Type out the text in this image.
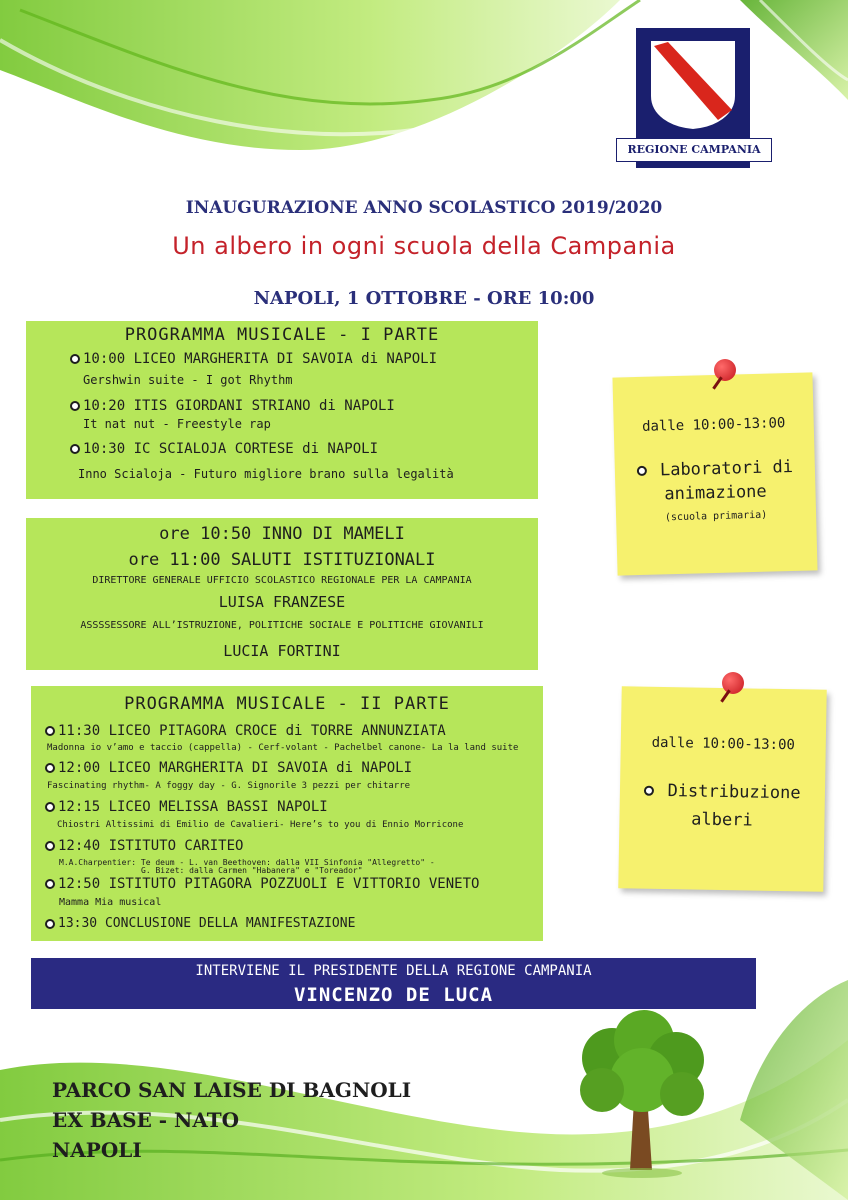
REGIONE CAMPANIA
INAUGURAZIONE ANNO SCOLASTICO 2019/2020
Un albero in ogni scuola della Campania
NAPOLI, 1 OTTOBRE - ORE 10:00
PROGRAMMA MUSICALE - I PARTE
10:00 LICEO MARGHERITA DI SAVOIA di NAPOLI
Gershwin suite - I got Rhythm
10:20 ITIS GIORDANI STRIANO di NAPOLI
It nat nut - Freestyle rap
10:30 IC SCIALOJA CORTESE di NAPOLI
Inno Scialoja - Futuro migliore brano sulla legalità
ore 10:50 INNO DI MAMELI
ore 11:00 SALUTI ISTITUZIONALI
DIRETTORE GENERALE UFFICIO SCOLASTICO REGIONALE PER LA CAMPANIA
LUISA FRANZESE
ASSSSESSORE ALL’ISTRUZIONE, POLITICHE SOCIALE E POLITICHE GIOVANILI
LUCIA FORTINI
PROGRAMMA MUSICALE - II PARTE
11:30 LICEO PITAGORA CROCE di TORRE ANNUNZIATA
Madonna io v’amo e taccio (cappella) - Cerf-volant - Pachelbel canone- La la land suite
12:00 LICEO MARGHERITA DI SAVOIA di NAPOLI
Fascinating rhythm- A foggy day - G. Signorile 3 pezzi per chitarre
12:15 LICEO MELISSA BASSI NAPOLI
Chiostri Altissimi di Emilio de Cavalieri- Here’s to you di Ennio Morricone
12:40 ISTITUTO CARITEO
M.A.Charpentier: Te deum - L. van Beethoven: dalla VII Sinfonia "Allegretto" -
G. Bizet: dalla Carmen "Habanera" e "Toreador"
12:50 ISTITUTO PITAGORA POZZUOLI E VITTORIO VENETO
Mamma Mia musical
13:30 CONCLUSIONE DELLA MANIFESTAZIONE
dalle 10:00-13:00
Laboratori di
animazione
(scuola primaria)
dalle 10:00-13:00
Distribuzione
alberi
INTERVIENE IL PRESIDENTE DELLA REGIONE CAMPANIA
VINCENZO DE LUCA
PARCO SAN LAISE DI BAGNOLI
EX BASE - NATO
NAPOLI
